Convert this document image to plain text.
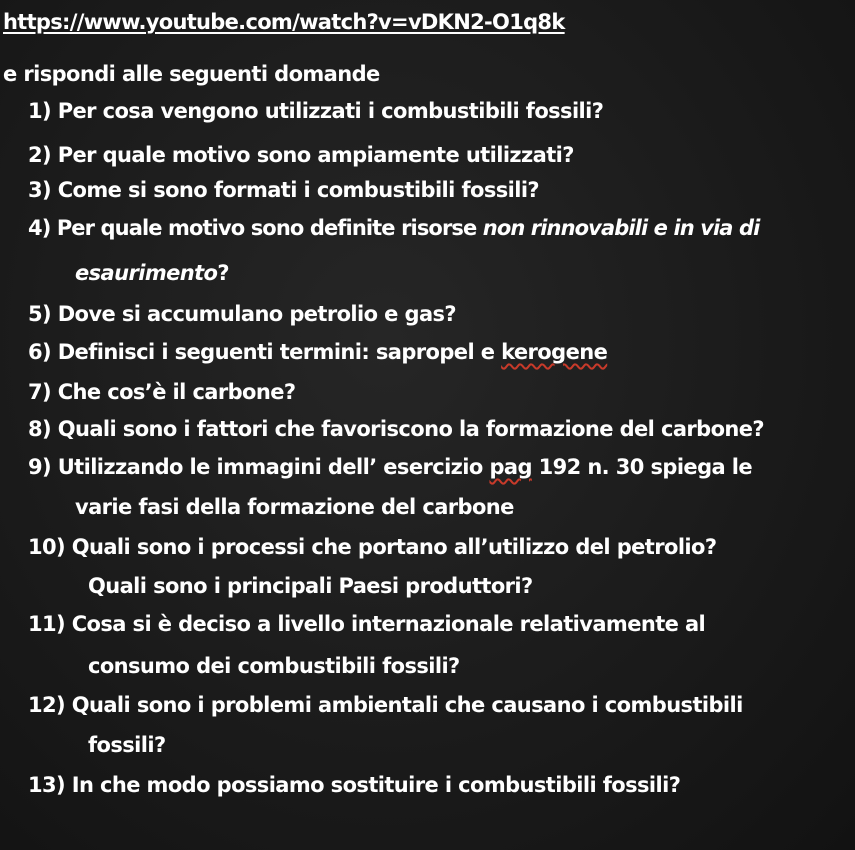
https://www.youtube.com/watch?v=vDKN2-O1q8k
e rispondi alle seguenti domande
1) Per cosa vengono utilizzati i combustibili fossili?
2) Per quale motivo sono ampiamente utilizzati?
3) Come si sono formati i combustibili fossili?
4) Per quale motivo sono definite risorse non rinnovabili e in via di
esaurimento?
5) Dove si accumulano petrolio e gas?
6) Definisci i seguenti termini: sapropel e kerogene
7) Che cos’è il carbone?
8) Quali sono i fattori che favoriscono la formazione del carbone?
9) Utilizzando le immagini dell’ esercizio pag 192 n. 30 spiega le
varie fasi della formazione del carbone
10) Quali sono i processi che portano all’utilizzo del petrolio?
Quali sono i principali Paesi produttori?
11) Cosa si è deciso a livello internazionale relativamente al
consumo dei combustibili fossili?
12) Quali sono i problemi ambientali che causano i combustibili
fossili?
13) In che modo possiamo sostituire i combustibili fossili?
